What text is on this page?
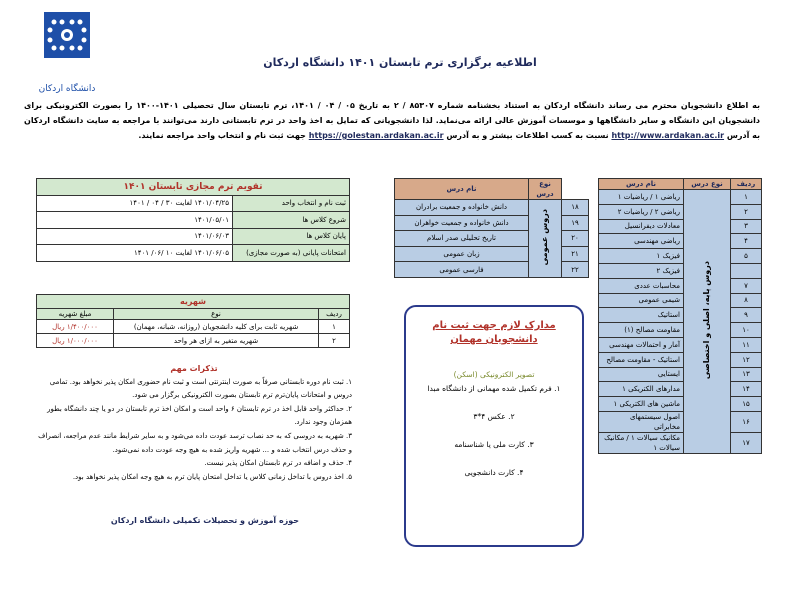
دانشگاه اردکان
اطلاعیه برگزاری ترم تابستان ۱۴۰۱ دانشگاه اردکان
به اطلاع دانشجویان محترم می رساند دانشگاه اردکان به استناد بخشنامه شماره ۸۵۳۰۷ / ۲ به تاریخ ۰۵ / ۰۴ / ۱۴۰۱، ترم تابستان سال تحصیلی ۱۴۰۱-۱۴۰۰ را بصورت الکترونیکی برای دانشجویان این دانشگاه و سایر دانشگاهها و موسسات آموزش عالی ارائه می‌نماید. لذا دانشجویانی که تمایل به اخذ واحد در ترم تابستانی دارند می‌توانند با مراجعه به سایت دانشگاه اردکان به آدرس http://www.ardakan.ac.ir نسبت به کسب اطلاعات بیشتر و به آدرس https://golestan.ardakan.ac.ir جهت ثبت نام و انتخاب واحد مراجعه نمایند.
ردیف	نوع درس	نام درس
۱	دروس پایه، اصلی و اختصاصی	ریاضی ۱ / ریاضیات ۱
۲		ریاضی ۲ / ریاضیات ۲
۳		معادلات دیفرانسیل
۴		ریاضی مهندسی
۵		فیزیک ۱
		فیزیک ۲
۷		محاسبات عددی
۸		شیمی عمومی
۹		استاتیک
۱۰		مقاومت مصالح (۱)
۱۱		آمار و احتمالات مهندسی
۱۲		استاتیک - مقاومت مصالح
۱۳		ایستایی
۱۴		مدارهای الکتریکی ۱
۱۵		ماشین های الکتریکی ۱
۱۶		اصول سیستمهای مخابراتی
۱۷		مکانیک سیالات ۱ / مکانیک سیالات ۱
	نوع درس	نام درس
۱۸	دروس عمومی	دانش خانواده و جمعیت برادران
۱۹		دانش خانواده و جمعیت خواهران
۲۰		تاریخ تحلیلی صدر اسلام
۲۱		زبان عمومی
۲۲		فارسی عمومی
مدارک لازم جهت ثبت نام دانشجویان مهمان
تصویر الکترونیکی (اسکن)
۱. فرم تکمیل شده مهمانی از دانشگاه مبدا
۲. عکس ۴*۳
۳. کارت ملی یا شناسنامه
۴. کارت دانشجویی
تقویم ترم مجازی تابستان ۱۴۰۱	
ثبت نام و انتخاب واحد	۱۴۰۱/۰۴/۲۵ لغایت ۳۰ / ۰۴ / ۱۴۰۱
شروع کلاس ها	۱۴۰۱/۰۵/۰۱
پایان کلاس ها	۱۴۰۱/۰۶/۰۳
امتحانات پایانی (به صورت مجازی)	۱۴۰۱/۰۶/۰۵ لغایت ۱۰ /۰۶/ ۱۴۰۱
شهریه		
ردیف	نوع	مبلغ شهریه
۱	شهریه ثابت برای کلیه دانشجویان (روزانه، شبانه، مهمان)	۱/۴۰۰/۰۰۰ ریال
۲	شهریه متغیر به ازای هر واحد	۱/۰۰۰/۰۰۰ ریال
تذکرات مهم
۱. ثبت نام دوره تابستانی صرفاً به صورت اینترنتی است و ثبت نام حضوری امکان پذیر نخواهد بود. تمامی دروس و امتحانات پایان‌ترم ترم تابستان بصورت الکترونیکی برگزار می شود.
۲. حداکثر واحد قابل اخذ در ترم تابستان ۶ واحد است و امکان اخذ ترم تابستان در دو یا چند دانشگاه بطور همزمان وجود ندارد.
۳. شهریه به دروسی که به حد نصاب ترسد عودت داده می‌شود و به سایر شرایط مانند عدم مراجعه، انصراف و حذف درس انتخاب شده و ... شهریه واریز شده به هیچ وجه عودت داده نمی‌شود.
۴. حذف و اضافه در ترم تابستان امکان پذیر نیست.
۵. اخذ دروس با تداخل زمانی کلاس یا تداخل امتحان پایان ترم به هیچ وجه امکان پذیر نخواهد بود.
حوزه آموزش و تحصیلات تکمیلی دانشگاه اردکان
